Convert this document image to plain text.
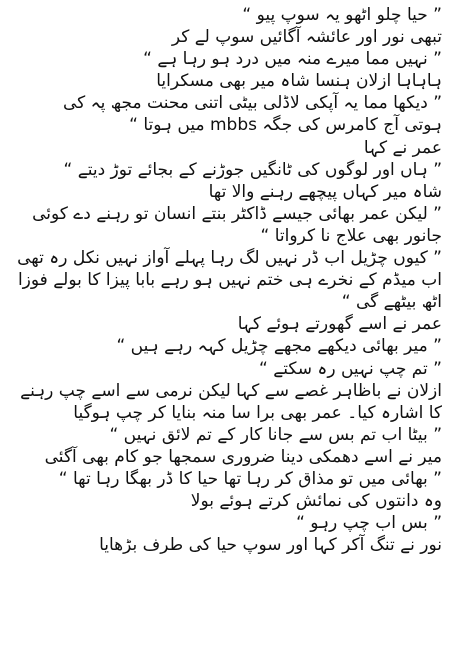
” حیا چلو اٹھو یہ سوپ پیو “
تبھی نور اور عائشہ آگائیں سوپ لے کر
” نہیں مما میرے منہ میں درد ہو رہا ہے “
ہاہاہا ازلان ہنسا شاہ میر بھی مسکرایا
” دیکھا مما یہ آپکی لاڈلی بیٹی اتنی محنت مجھ پہ کی
ہوتی آج کامرس کی جگہ mbbs میں ہوتا “
عمر نے کہا
” ہاں اور لوگوں کی ٹانگیں جوڑنے کے بجائے توڑ دیتے “
شاہ میر کہاں پیچھے رہنے والا تھا
” لیکن عمر بھائی جیسے ڈاکٹر بنتے انسان تو رہنے دے کوئی
جانور بھی علاج نا کرواتا “
” کیوں چڑیل اب ڈر نہیں لگ رہا پہلے آواز نہیں نکل رہ تھی
اب میڈم کے نخرے ہی ختم نہیں ہو رہے بابا پیزا کا بولے فوزا
اٹھ بیٹھے گی “
عمر نے اسے گھورتے ہوئے کہا
” میر بھائی دیکھے مجھے چڑیل کہہ رہے ہیں “
” تم چپ نہیں رہ سکتے “
ازلان نے باظاہر غصے سے کہا لیکن نرمی سے اسے چپ رہنے
کا اشارہ کیا۔ عمر بھی برا سا منہ بنایا کر چپ ہوگیا
” بیٹا اب تم بس سے جانا کار کے تم لائق نہیں “
میر نے اسے دھمکی دینا ضروری سمجھا جو کام بھی آگئی
” بھائی میں تو مذاق کر رہا تھا حیا کا ڈر بھگا رہا تھا “
وہ دانتوں کی نمائش کرتے ہوئے بولا
” بس اب چپ رہو “
نور نے تنگ آکر کہا اور سوپ حیا کی طرف بڑھایا
